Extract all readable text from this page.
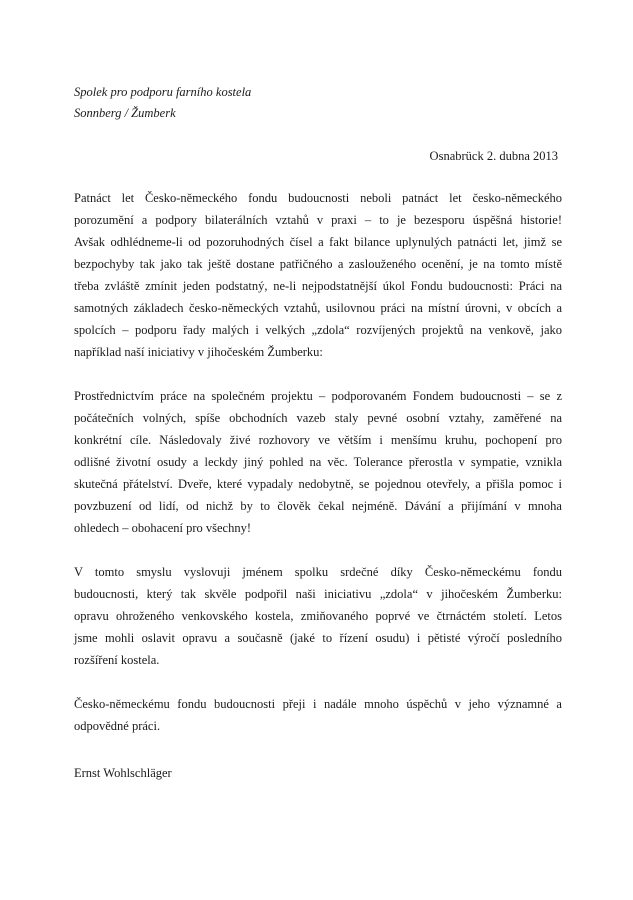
Spolek pro podporu farního kostela
Sonnberg / Žumberk
Osnabrück 2. dubna 2013
Patnáct let Česko-německého fondu budoucnosti neboli patnáct let česko-německého
porozumění a podpory bilaterálních vztahů v praxi – to je bezesporu úspěšná historie!
Avšak odhlédneme-li od pozoruhodných čísel a fakt bilance uplynulých patnácti let, jimž se
bezpochyby tak jako tak ještě dostane patřičného a zaslouženého ocenění, je na tomto místě
třeba zvláště zmínit jeden podstatný, ne-li nejpodstatnější úkol Fondu budoucnosti: Práci na
samotných základech česko-německých vztahů, usilovnou práci na místní úrovni, v obcích a
spolcích – podporu řady malých i velkých „zdola“ rozvíjených projektů na venkově, jako
například naší iniciativy v jihočeském Žumberku:
Prostřednictvím práce na společném projektu – podporovaném Fondem budoucnosti – se z
počátečních volných, spíše obchodních vazeb staly pevné osobní vztahy, zaměřené na
konkrétní cíle. Následovaly živé rozhovory ve větším i menšímu kruhu, pochopení pro
odlišné životní osudy a leckdy jiný pohled na věc. Tolerance přerostla v sympatie, vznikla
skutečná přátelství. Dveře, které vypadaly nedobytně, se pojednou otevřely, a přišla pomoc i
povzbuzení od lidí, od nichž by to člověk čekal nejméně. Dávání a přijímání v mnoha
ohledech – obohacení pro všechny!
V tomto smyslu vyslovuji jménem spolku srdečné díky Česko-německému fondu
budoucnosti, který tak skvěle podpořil naši iniciativu „zdola“ v jihočeském Žumberku:
opravu ohroženého venkovského kostela, zmiňovaného poprvé ve čtrnáctém století. Letos
jsme mohli oslavit opravu a současně (jaké to řízení osudu) i pětisté výročí posledního
rozšíření kostela.
Česko-německému fondu budoucnosti přeji i nadále mnoho úspěchů v jeho významné a
odpovědné práci.
Ernst Wohlschläger
